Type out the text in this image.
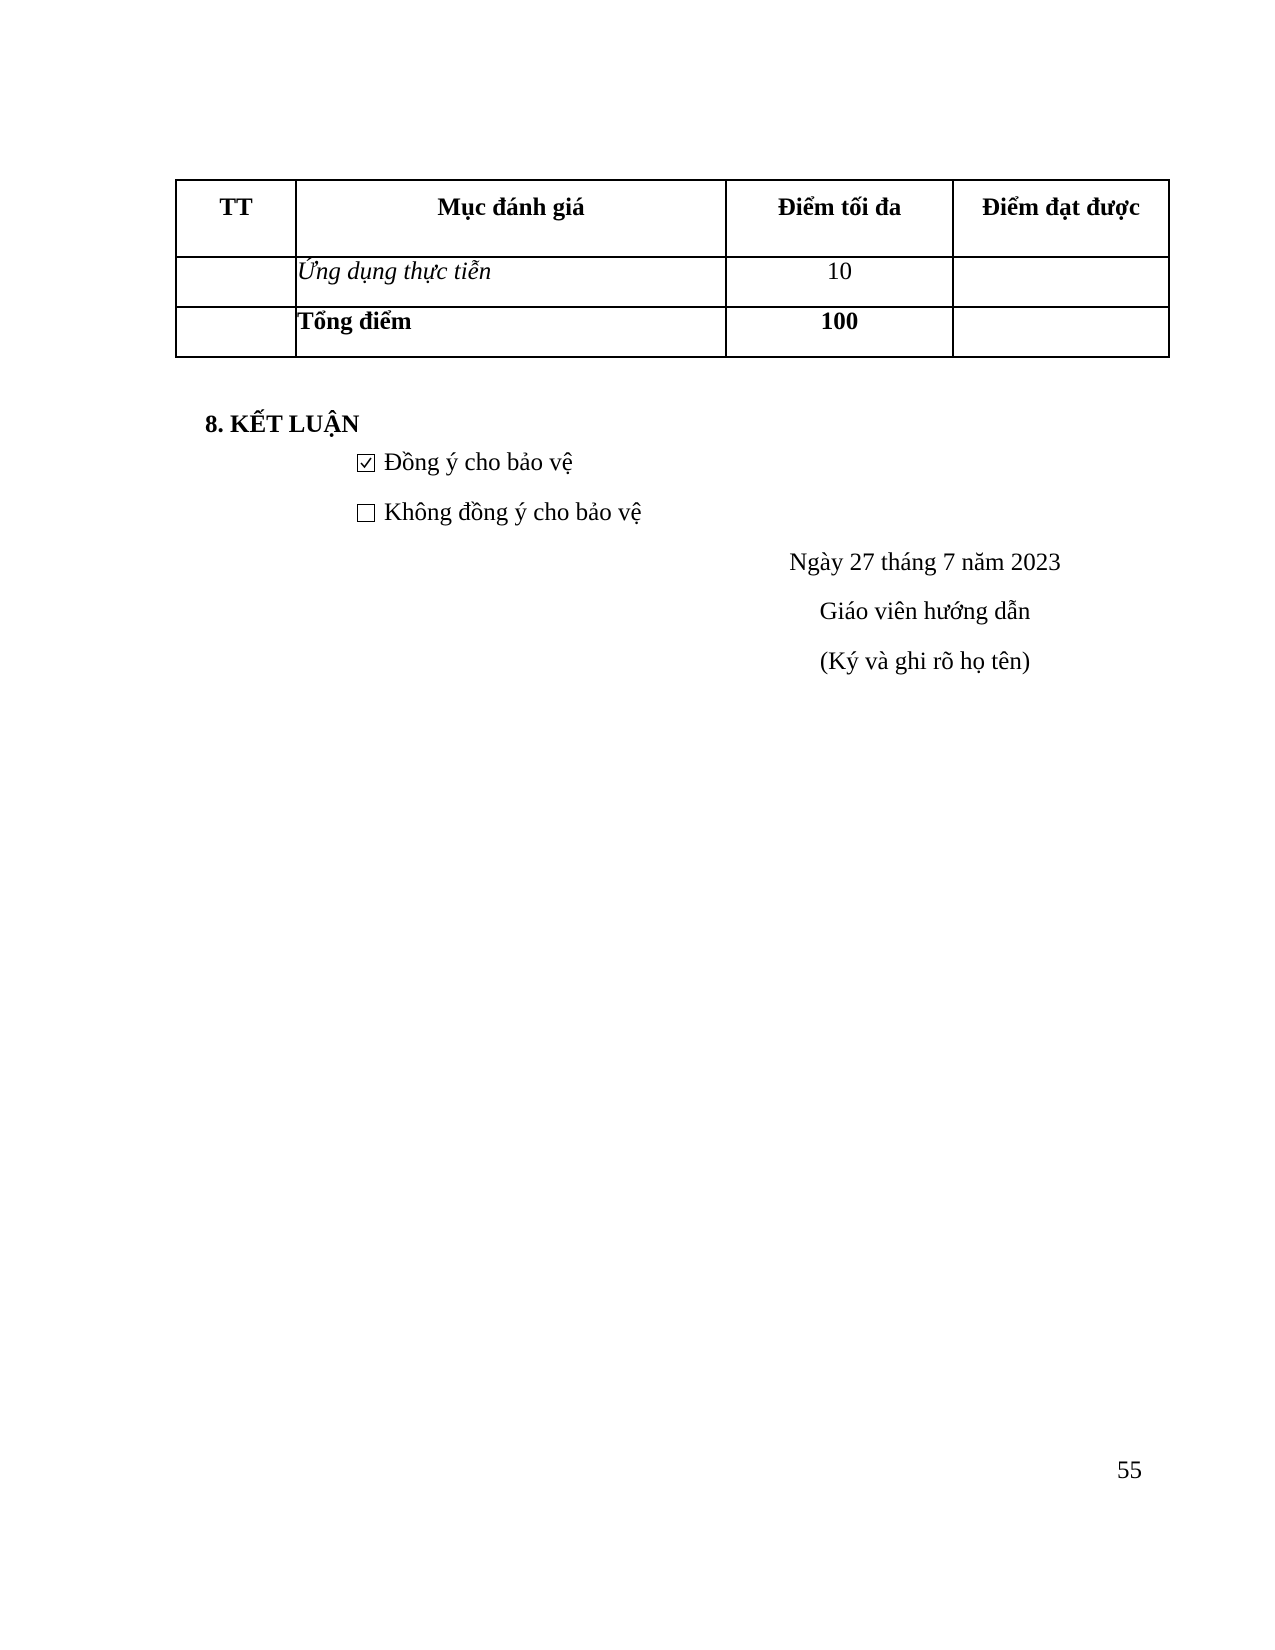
TT	Mục đánh giá	Điểm tối đa	Điểm đạt được
	Ứng dụng thực tiễn	10	
	Tổng điểm	100	
8. KẾT LUẬN
Đồng ý cho bảo vệ
Không đồng ý cho bảo vệ
Ngày 27 tháng 7 năm 2023
Giáo viên hướng dẫn
(Ký và ghi rõ họ tên)
55
